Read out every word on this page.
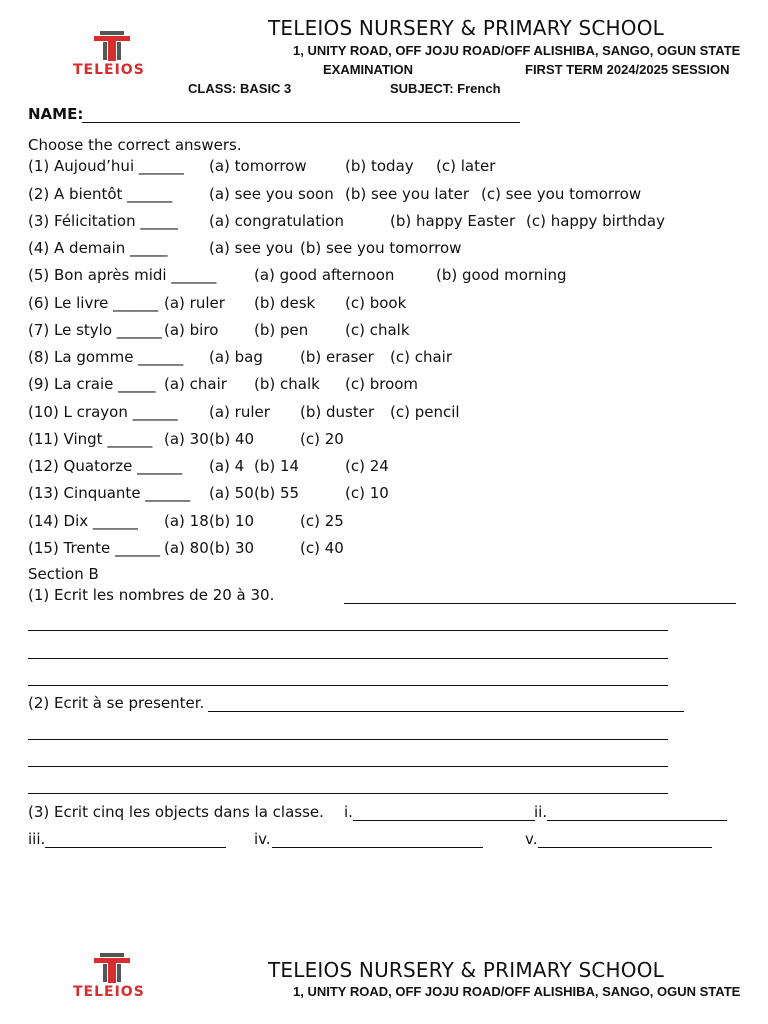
TELEIOS
TELEIOS NURSERY & PRIMARY SCHOOL
1, UNITY ROAD, OFF JOJU ROAD/OFF ALISHIBA, SANGO, OGUN STATE
EXAMINATION	FIRST TERM 2024/2025 SESSION
CLASS: BASIC 3	SUBJECT: French
NAME:
Choose the correct answers.
(1) Aujoud’hui ______ (a) tomorrow	(b) today (c) later
(2) A bientôt ______ (a) see you soon (b) see you later (c) see you tomorrow
(3) Félicitation _____ (a) congratulation	(b) happy Easter (c) happy birthday
(4) A demain _____	(a) see you (b) see you tomorrow
(5) Bon après midi ______	(a) good afternoon	(b) good morning
(6) Le livre ______ (a) ruler (b) desk (c) book
(7) Le stylo ______ (a) biro (b) pen (c) chalk
(8) La gomme ______ (a) bag (b) eraser (c) chair
(9) La craie _____ (a) chair (b) chalk (c) broom
(10) L crayon ______ (a) ruler (b) duster (c) pencil
(11) Vingt ______ (a) 30 (b) 40	(c) 20
(12) Quatorze ______ (a) 4 (b) 14	(c) 24
(13) Cinquante ______ (a) 50 (b) 55	(c) 10
(14) Dix ______ (a) 18 (b) 10	(c) 25
(15) Trente ______ (a) 80 (b) 30	(c) 40
Section B
(1) Ecrit les nombres de 20 à 30.
(2) Ecrit à se presenter.
(3) Ecrit cinq les objects dans la classe. i.	ii.
iii.	iv.	v.
TELEIOS
TELEIOS NURSERY & PRIMARY SCHOOL
1, UNITY ROAD, OFF JOJU ROAD/OFF ALISHIBA, SANGO, OGUN STATE
